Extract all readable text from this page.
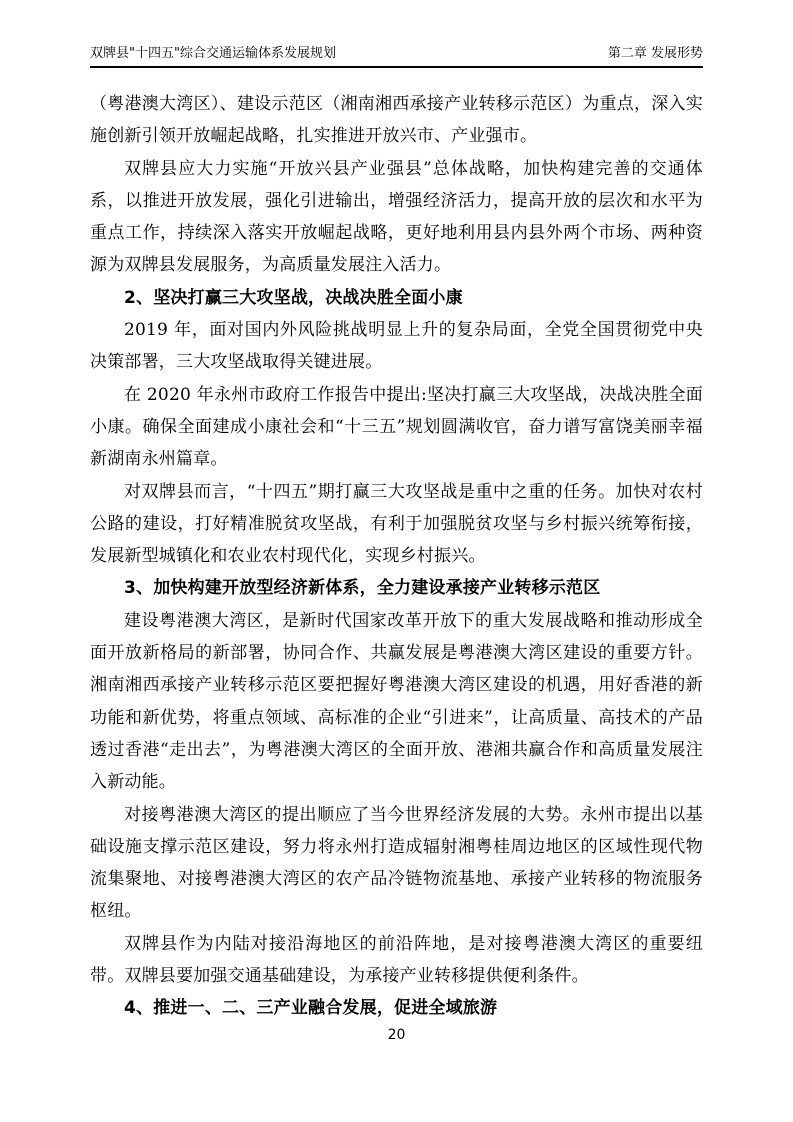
双牌县"十四五"综合交通运输体系发展规划	第二章 发展形势

（粤港澳大湾区）、建设示范区（湘南湘西承接产业转移示范区）为重点，深入实施创新引领开放崛起战略，扎实推进开放兴市、产业强市。

双牌县应大力实施“开放兴县产业强县”总体战略，加快构建完善的交通体系，以推进开放发展，强化引进输出，增强经济活力，提高开放的层次和水平为重点工作，持续深入落实开放崛起战略，更好地利用县内县外两个市场、两种资源为双牌县发展服务，为高质量发展注入活力。

2、坚决打赢三大攻坚战，决战决胜全面小康

2019 年，面对国内外风险挑战明显上升的复杂局面，全党全国贯彻党中央决策部署，三大攻坚战取得关键进展。

在 2020 年永州市政府工作报告中提出:坚决打赢三大攻坚战，决战决胜全面小康。确保全面建成小康社会和“十三五”规划圆满收官，奋力谱写富饶美丽幸福新湖南永州篇章。

对双牌县而言，“十四五”期打赢三大攻坚战是重中之重的任务。加快对农村公路的建设，打好精准脱贫攻坚战，有利于加强脱贫攻坚与乡村振兴统筹衔接，发展新型城镇化和农业农村现代化，实现乡村振兴。

3、加快构建开放型经济新体系，全力建设承接产业转移示范区

建设粤港澳大湾区，是新时代国家改革开放下的重大发展战略和推动形成全面开放新格局的新部署，协同合作、共赢发展是粤港澳大湾区建设的重要方针。湘南湘西承接产业转移示范区要把握好粤港澳大湾区建设的机遇，用好香港的新功能和新优势，将重点领域、高标准的企业“引进来”，让高质量、高技术的产品透过香港“走出去”，为粤港澳大湾区的全面开放、港湘共赢合作和高质量发展注入新动能。

对接粤港澳大湾区的提出顺应了当今世界经济发展的大势。永州市提出以基础设施支撑示范区建设，努力将永州打造成辐射湘粤桂周边地区的区域性现代物流集聚地、对接粤港澳大湾区的农产品冷链物流基地、承接产业转移的物流服务枢纽。

双牌县作为内陆对接沿海地区的前沿阵地，是对接粤港澳大湾区的重要纽带。双牌县要加强交通基础建设，为承接产业转移提供便利条件。

4、推进一、二、三产业融合发展，促进全域旅游
20
